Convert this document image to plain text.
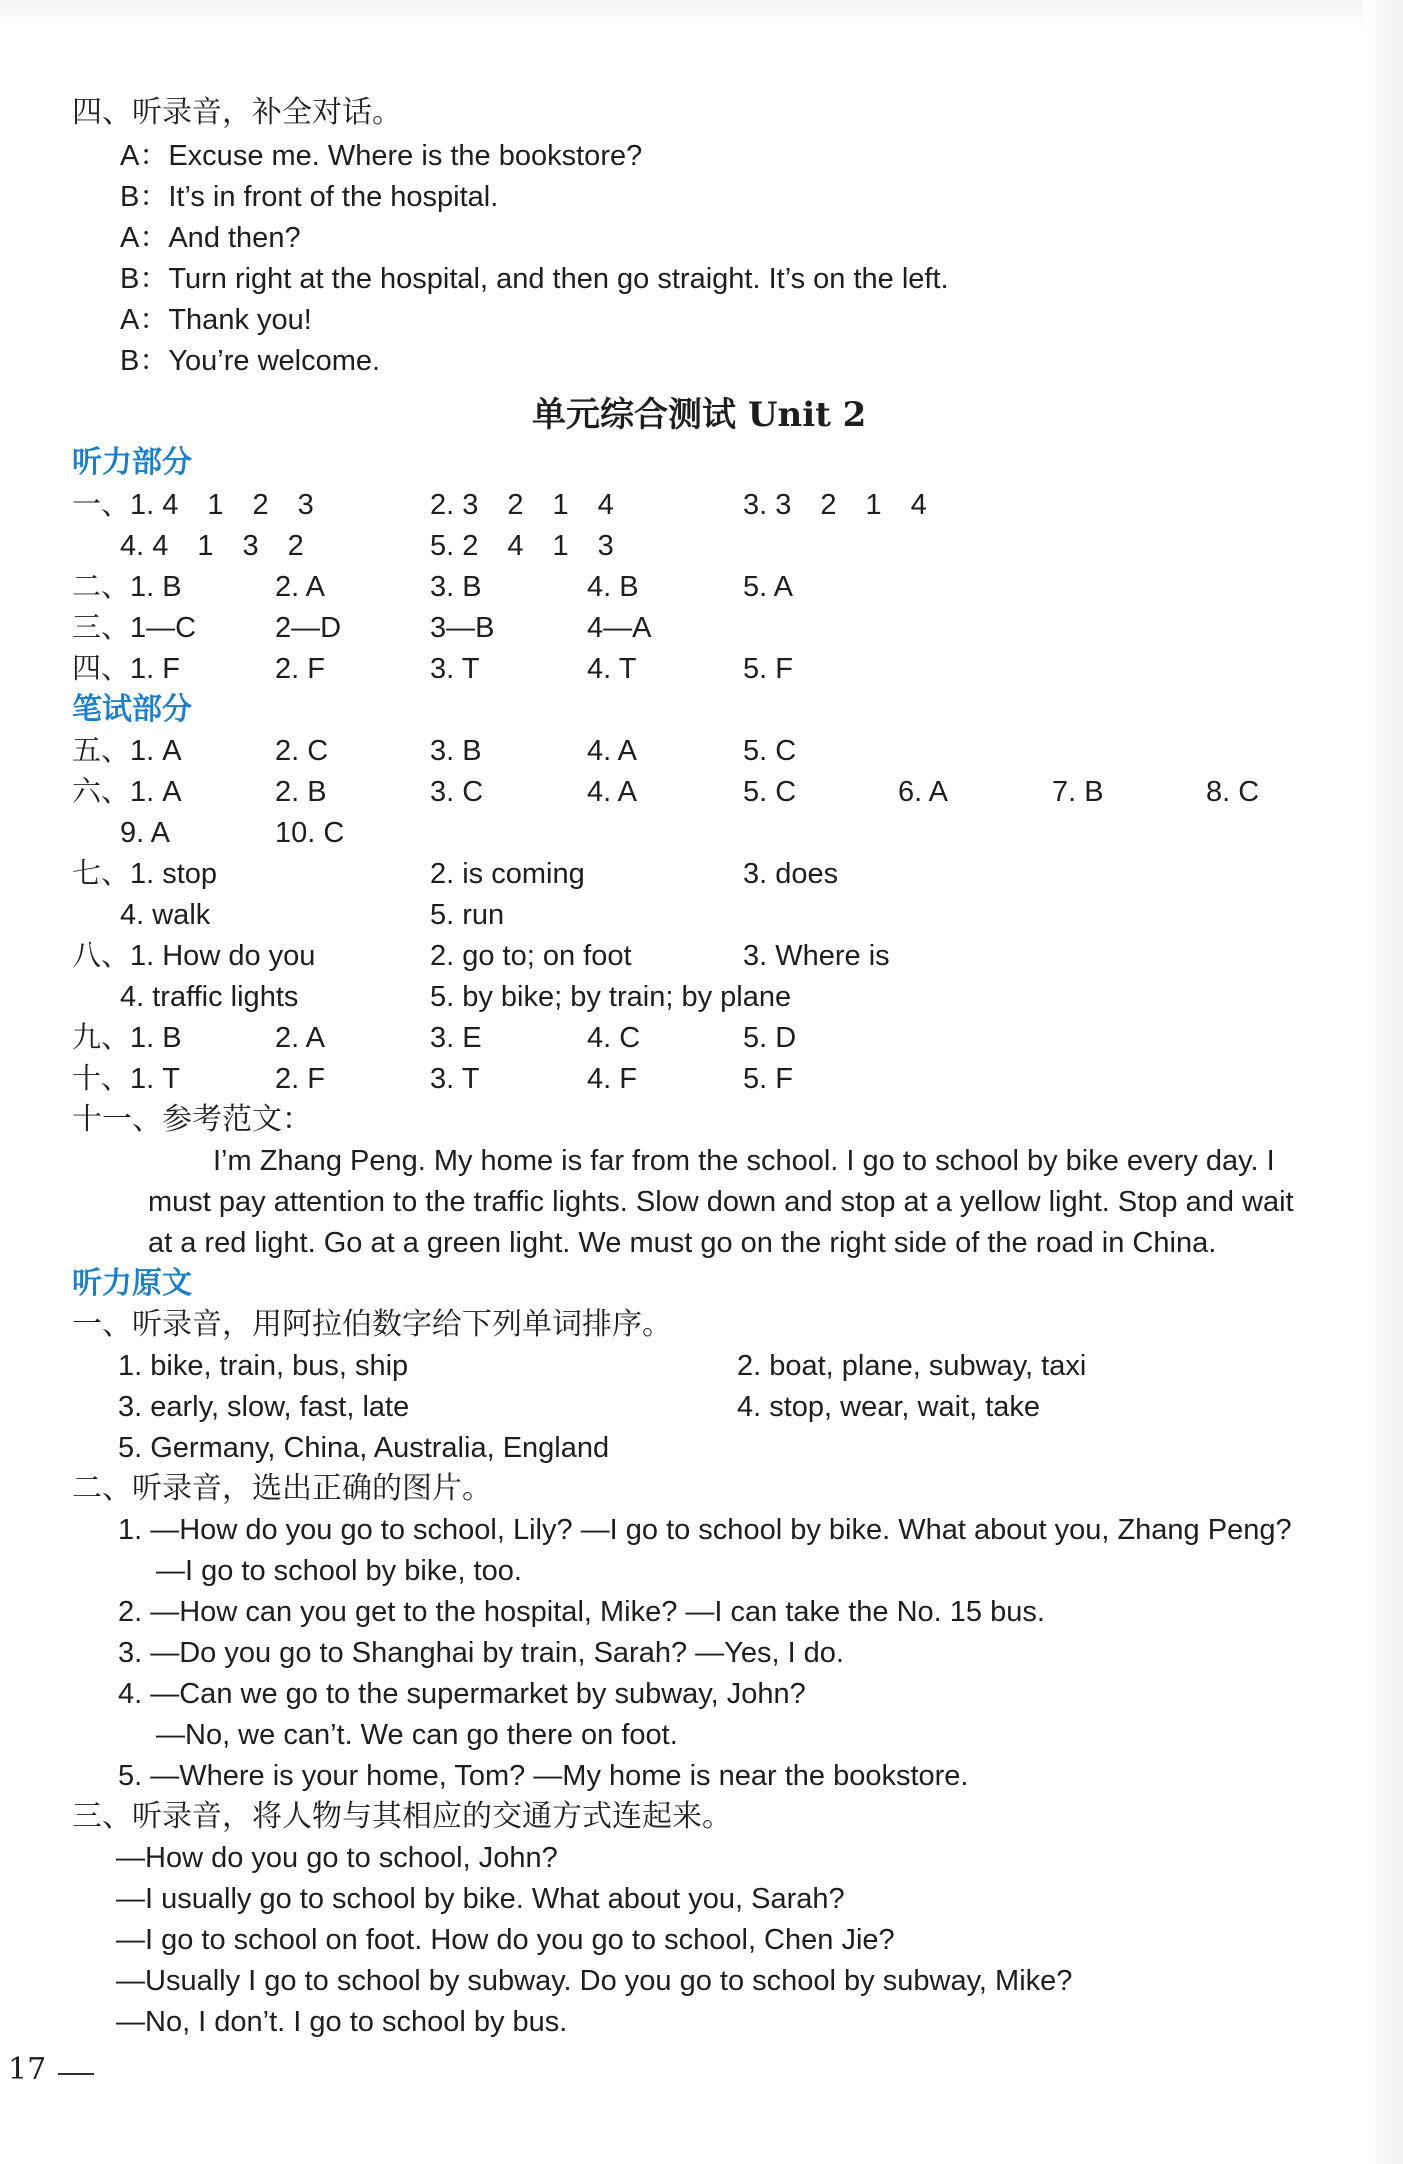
四、听录音，补全对话。
A：Excuse me. Where is the bookstore?
B：It’s in front of the hospital.
A：And then?
B：Turn right at the hospital, and then go straight. It’s on the left.
A：Thank you!
B：You’re welcome.
单元综合测试 Unit 2
听力部分
一、1. 4　1　2　3	2. 3　2　1　4	3. 3　2　1　4
4. 4　1　3　2	5. 2　4　1　3
二、1. B	2. A	3. B	4. B	5. A
三、1—C	2—D	3—B	4—A
四、1. F	2. F	3. T	4. T	5. F
笔试部分
五、1. A	2. C	3. B	4. A	5. C
六、1. A	2. B	3. C	4. A	5. C	6. A	7. B	8. C
9. A	10. C
七、1. stop	2. is coming	3. does
4. walk	5. run
八、1. How do you	2. go to; on foot	3. Where is
4. traffic lights	5. by bike; by train; by plane
九、1. B	2. A	3. E	4. C	5. D
十、1. T	2. F	3. T	4. F	5. F
十一、参考范文：
I’m Zhang Peng. My home is far from the school. I go to school by bike every day. I
must pay attention to the traffic lights. Slow down and stop at a yellow light. Stop and wait
at a red light. Go at a green light. We must go on the right side of the road in China.
听力原文
一、听录音，用阿拉伯数字给下列单词排序。
1. bike, train, bus, ship	2. boat, plane, subway, taxi
3. early, slow, fast, late	4. stop, wear, wait, take
5. Germany, China, Australia, England
二、听录音，选出正确的图片。
1. —How do you go to school, Lily? —I go to school by bike. What about you, Zhang Peng?
—I go to school by bike, too.
2. —How can you get to the hospital, Mike? —I can take the No. 15 bus.
3. —Do you go to Shanghai by train, Sarah? —Yes, I do.
4. —Can we go to the supermarket by subway, John?
—No, we can’t. We can go there on foot.
5. —Where is your home, Tom? —My home is near the bookstore.
三、听录音，将人物与其相应的交通方式连起来。
—How do you go to school, John?
—I usually go to school by bike. What about you, Sarah?
—I go to school on foot. How do you go to school, Chen Jie?
—Usually I go to school by subway. Do you go to school by subway, Mike?
—No, I don’t. I go to school by bus.
17
